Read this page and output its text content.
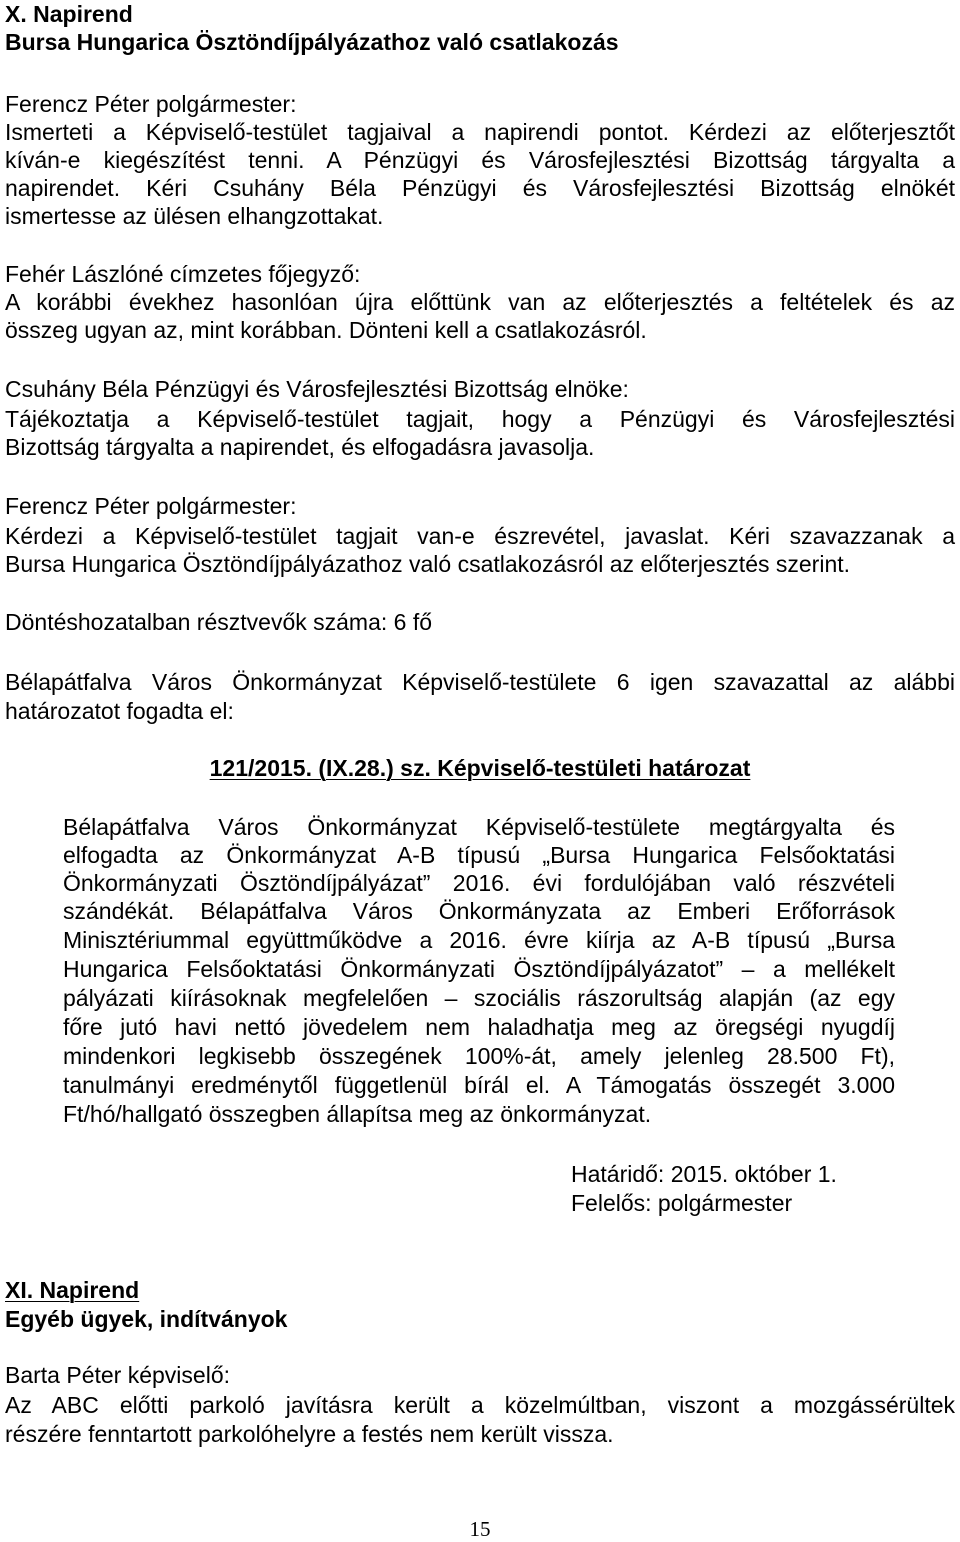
X. Napirend
Bursa Hungarica Ösztöndíjpályázathoz való csatlakozás
Ferencz Péter polgármester:
Ismerteti a Képviselő-testület tagjaival a napirendi pontot. Kérdezi az előterjesztőt
kíván-e kiegészítést tenni. A Pénzügyi és Városfejlesztési Bizottság tárgyalta a
napirendet. Kéri Csuhány Béla Pénzügyi és Városfejlesztési Bizottság elnökét
ismertesse az ülésen elhangzottakat.
Fehér Lászlóné címzetes főjegyző:
A korábbi évekhez hasonlóan újra előttünk van az előterjesztés a feltételek és az
összeg ugyan az, mint korábban. Dönteni kell a csatlakozásról.
Csuhány Béla Pénzügyi és Városfejlesztési Bizottság elnöke:
Tájékoztatja a Képviselő-testület tagjait, hogy a Pénzügyi és Városfejlesztési
Bizottság tárgyalta a napirendet, és elfogadásra javasolja.
Ferencz Péter polgármester:
Kérdezi a Képviselő-testület tagjait van-e észrevétel, javaslat. Kéri szavazzanak a
Bursa Hungarica Ösztöndíjpályázathoz való csatlakozásról az előterjesztés szerint.
Döntéshozatalban résztvevők száma: 6 fő
Bélapátfalva Város Önkormányzat Képviselő-testülete 6 igen szavazattal az alábbi
határozatot fogadta el:
121/2015. (IX.28.) sz. Képviselő-testületi határozat
Bélapátfalva Város Önkormányzat Képviselő-testülete megtárgyalta és
elfogadta az Önkormányzat A-B típusú „Bursa Hungarica Felsőoktatási
Önkormányzati Ösztöndíjpályázat” 2016. évi fordulójában való részvételi
szándékát. Bélapátfalva Város Önkormányzata az Emberi Erőforrások
Minisztériummal együttműködve a 2016. évre kiírja az A-B típusú „Bursa
Hungarica Felsőoktatási Önkormányzati Ösztöndíjpályázatot” – a mellékelt
pályázati kiírásoknak megfelelően – szociális rászorultság alapján (az egy
főre jutó havi nettó jövedelem nem haladhatja meg az öregségi nyugdíj
mindenkori legkisebb összegének 100%-át, amely jelenleg 28.500 Ft),
tanulmányi eredménytől függetlenül bírál el. A Támogatás összegét 3.000
Ft/hó/hallgató összegben állapítsa meg az önkormányzat.
Határidő: 2015. október 1.
Felelős: polgármester
XI. Napirend
Egyéb ügyek, indítványok
Barta Péter képviselő:
Az ABC előtti parkoló javításra került a közelmúltban, viszont a mozgássérültek
részére fenntartott parkolóhelyre a festés nem került vissza.
15
